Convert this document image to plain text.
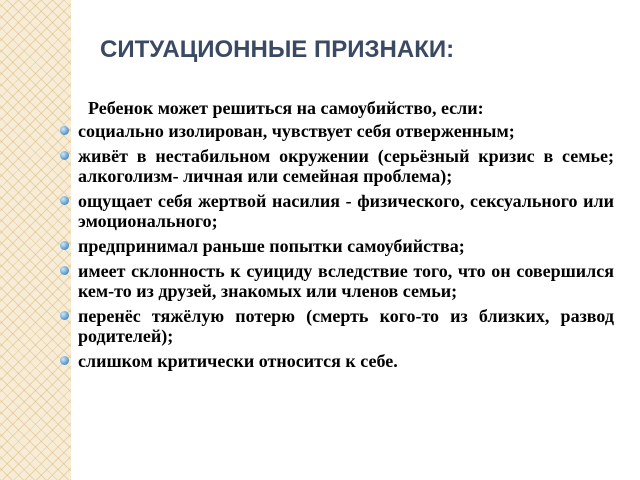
СИТУАЦИОННЫЕ ПРИЗНАКИ:

Ребенок может решиться на самоубийство, если:

социально изолирован, чувствует себя отверженным;
живёт в нестабильном окружении (серьёзный кризис в семье; алкоголизм- личная или семейная проблема);
ощущает себя жертвой насилия - физического, сексуального или эмоционального;
предпринимал раньше попытки самоубийства;
имеет склонность к суициду вследствие того, что он совершился кем-то из друзей, знакомых или членов семьи;
перенёс тяжёлую потерю (смерть кого-то из близких, развод родителей);
слишком критически относится к себе.
